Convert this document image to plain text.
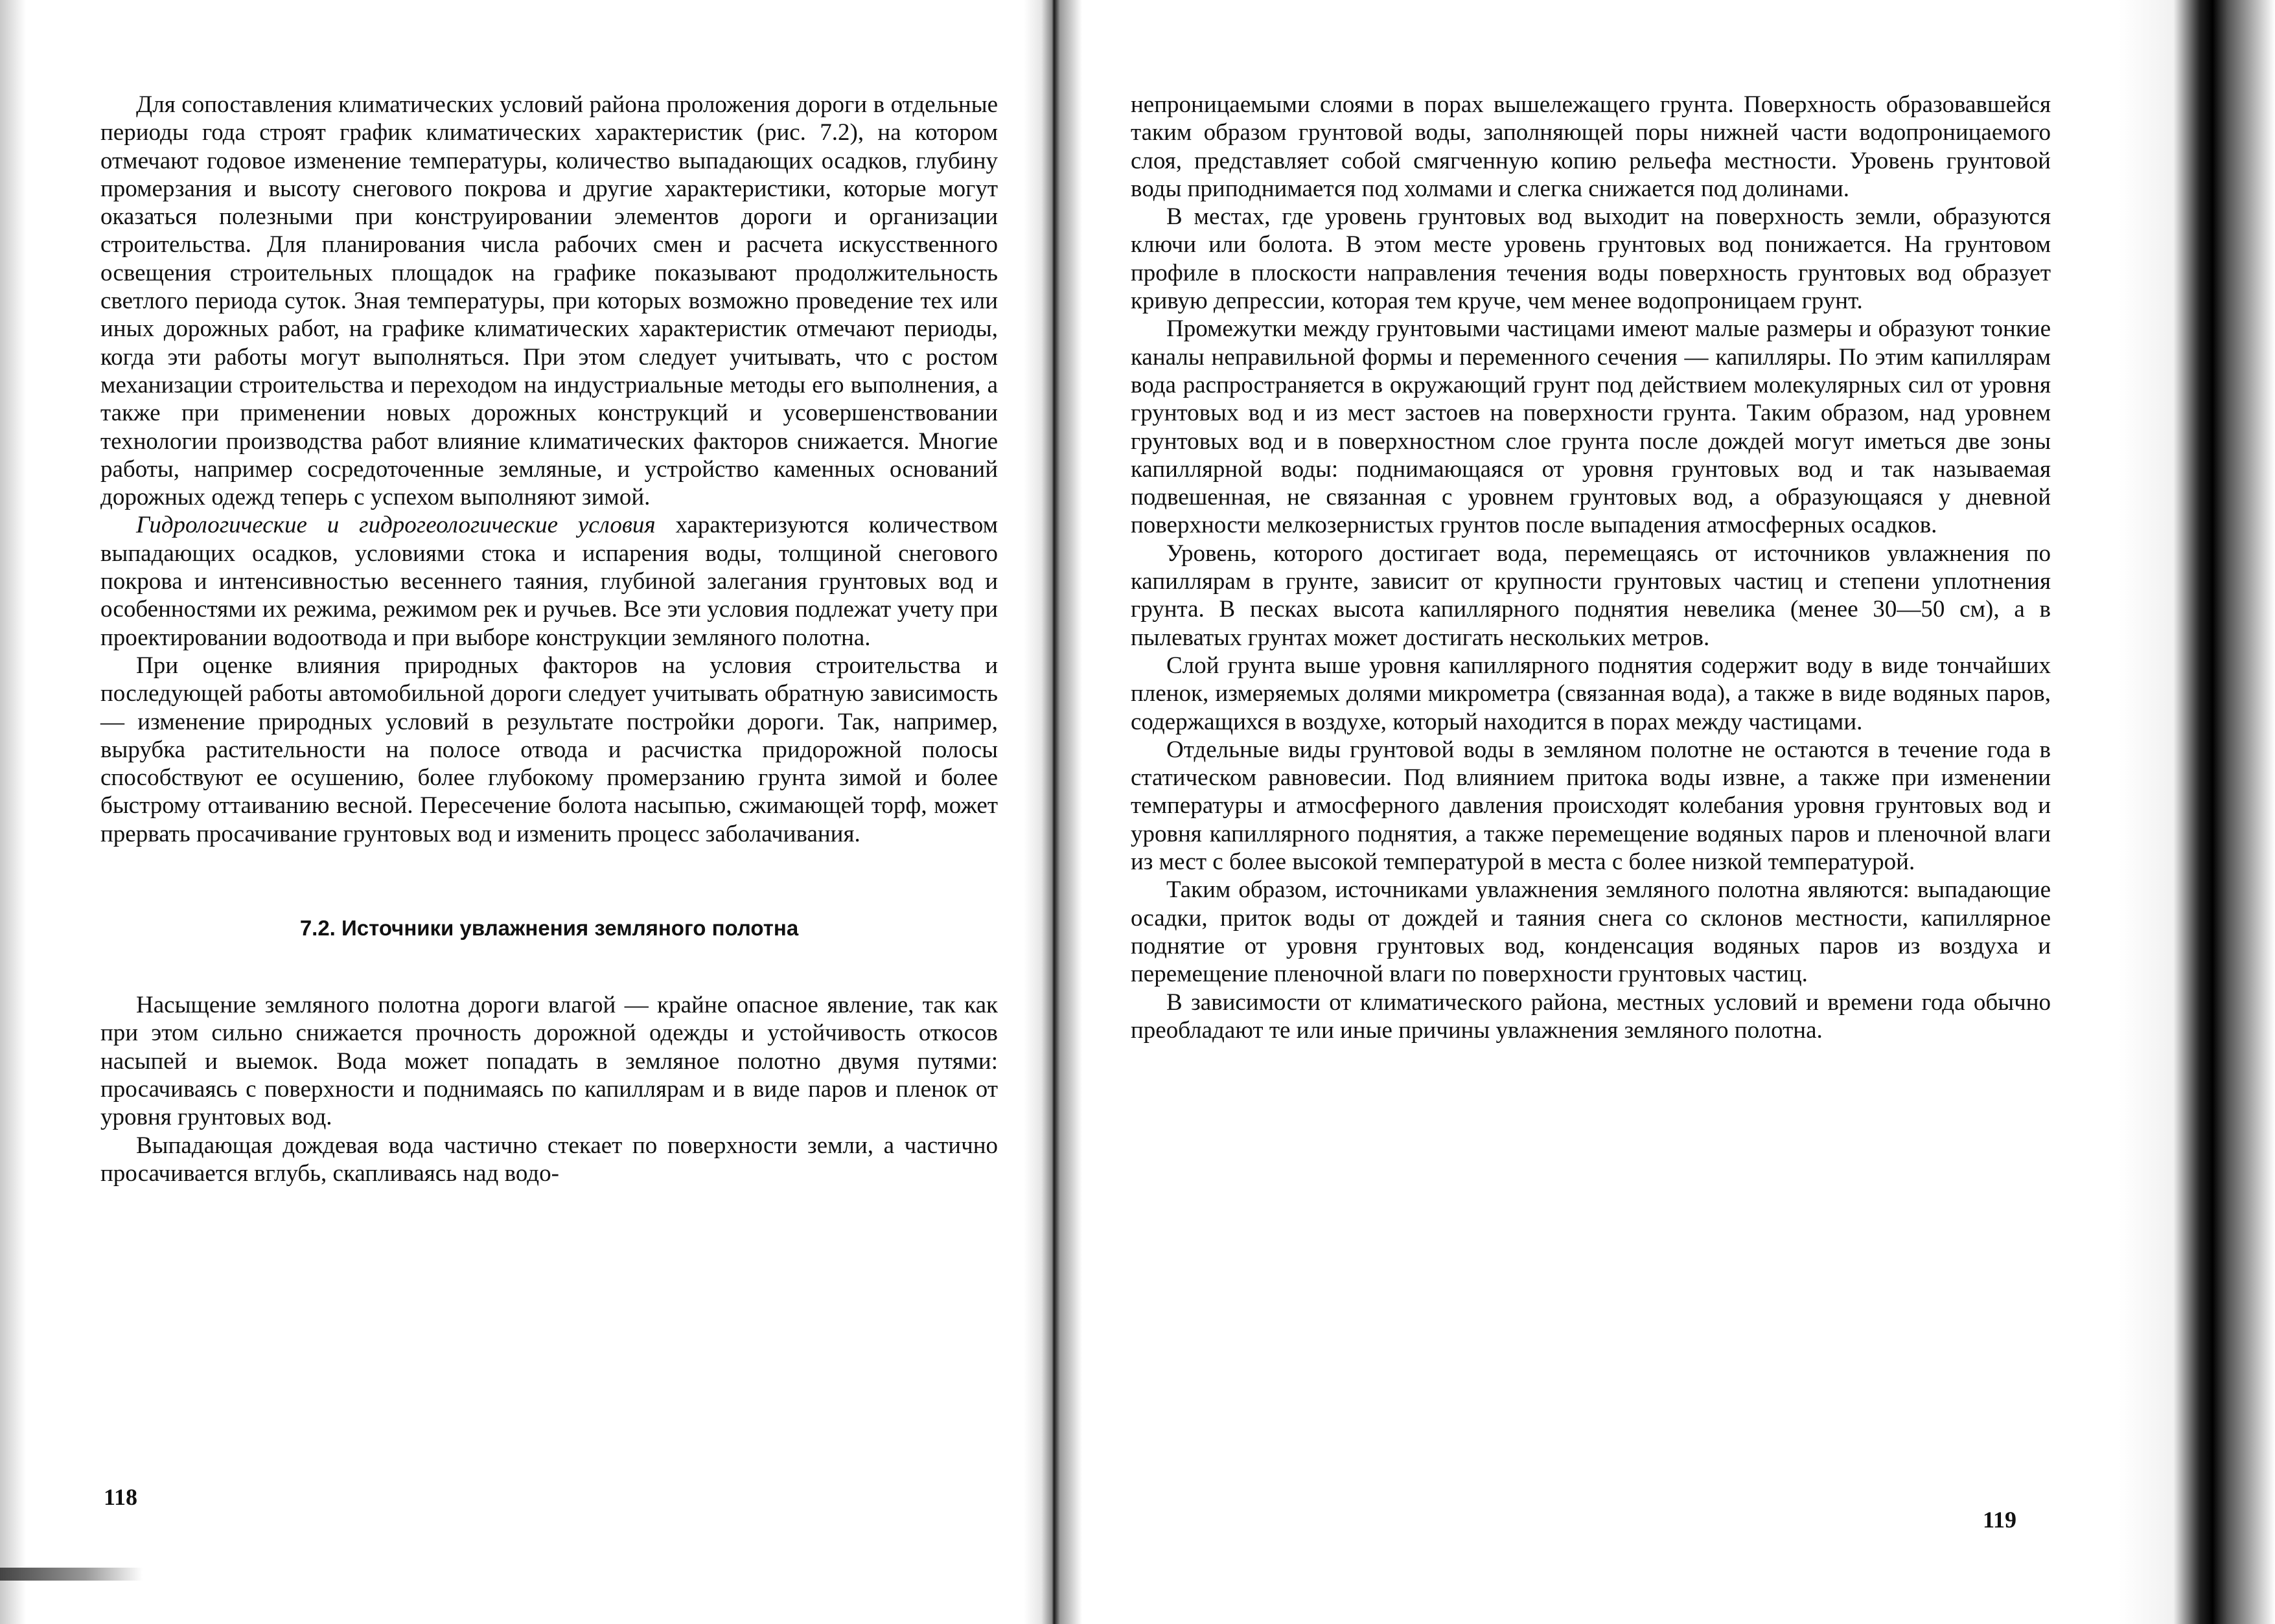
Для сопоставления климатических условий района проложения дороги в отдельные периоды года строят график климатических характеристик (рис. 7.2), на котором отмечают годовое изменение температуры, количество выпадающих осадков, глубину промерзания и высоту снегового покрова и другие характеристики, которые могут оказаться полезными при конструировании элементов дороги и организации строительства. Для планирования числа рабочих смен и расчета искусственного освещения строительных площадок на графике показывают продолжительность светлого периода суток. Зная температуры, при которых возможно проведение тех или иных дорожных работ, на графике климатических характеристик отмечают периоды, когда эти работы могут выполняться. При этом следует учитывать, что с ростом механизации строительства и переходом на индустриальные методы его выполнения, а также при применении новых дорожных конструкций и усовершенствовании технологии производства работ влияние климатических факторов снижается. Многие работы, например сосредоточенные земляные, и устройство каменных оснований дорожных одежд теперь с успехом выполняют зимой.

Гидрологические и гидрогеологические условия характеризуются количеством выпадающих осадков, условиями стока и испарения воды, толщиной снегового покрова и интенсивностью весеннего таяния, глубиной залегания грунтовых вод и особенностями их режима, режимом рек и ручьев. Все эти условия подлежат учету при проектировании водоотвода и при выборе конструкции земляного полотна.

При оценке влияния природных факторов на условия строительства и последующей работы автомобильной дороги следует учитывать обратную зависимость — изменение природных условий в результате постройки дороги. Так, например, вырубка растительности на полосе отвода и расчистка придорожной полосы способствуют ее осушению, более глубокому промерзанию грунта зимой и более быстрому оттаиванию весной. Пересечение болота насыпью, сжимающей торф, может прервать просачивание грунтовых вод и изменить процесс заболачивания.

7.2. Источники увлажнения земляного полотна

Насыщение земляного полотна дороги влагой — крайне опасное явление, так как при этом сильно снижается прочность дорожной одежды и устойчивость откосов насыпей и выемок. Вода может попадать в земляное полотно двумя путями: просачиваясь с поверхности и поднимаясь по капиллярам и в виде паров и пленок от уровня грунтовых вод.

Выпадающая дождевая вода частично стекает по поверхности земли, а частично просачивается вглубь, скапливаясь над водо-

118

непроницаемыми слоями в порах вышележащего грунта. Поверхность образовавшейся таким образом грунтовой воды, заполняющей поры нижней части водопроницаемого слоя, представляет собой смягченную копию рельефа местности. Уровень грунтовой воды приподнимается под холмами и слегка снижается под долинами.

В местах, где уровень грунтовых вод выходит на поверхность земли, образуются ключи или болота. В этом месте уровень грунтовых вод понижается. На грунтовом профиле в плоскости направления течения воды поверхность грунтовых вод образует кривую депрессии, которая тем круче, чем менее водопроницаем грунт.

Промежутки между грунтовыми частицами имеют малые размеры и образуют тонкие каналы неправильной формы и переменного сечения — капилляры. По этим капиллярам вода распространяется в окружающий грунт под действием молекулярных сил от уровня грунтовых вод и из мест застоев на поверхности грунта. Таким образом, над уровнем грунтовых вод и в поверхностном слое грунта после дождей могут иметься две зоны капиллярной воды: поднимающаяся от уровня грунтовых вод и так называемая подвешенная, не связанная с уровнем грунтовых вод, а образующаяся у дневной поверхности мелкозернистых грунтов после выпадения атмосферных осадков.

Уровень, которого достигает вода, перемещаясь от источников увлажнения по капиллярам в грунте, зависит от крупности грунтовых частиц и степени уплотнения грунта. В песках высота капиллярного поднятия невелика (менее 30—50 см), а в пылеватых грунтах может достигать нескольких метров.

Слой грунта выше уровня капиллярного поднятия содержит воду в виде тончайших пленок, измеряемых долями микрометра (связанная вода), а также в виде водяных паров, содержащихся в воздухе, который находится в порах между частицами.

Отдельные виды грунтовой воды в земляном полотне не остаются в течение года в статическом равновесии. Под влиянием притока воды извне, а также при изменении температуры и атмосферного давления происходят колебания уровня грунтовых вод и уровня капиллярного поднятия, а также перемещение водяных паров и пленочной влаги из мест с более высокой температурой в места с более низкой температурой.

Таким образом, источниками увлажнения земляного полотна являются: выпадающие осадки, приток воды от дождей и таяния снега со склонов местности, капиллярное поднятие от уровня грунтовых вод, конденсация водяных паров из воздуха и перемещение пленочной влаги по поверхности грунтовых частиц.

В зависимости от климатического района, местных условий и времени года обычно преобладают те или иные причины увлажнения земляного полотна.

119
